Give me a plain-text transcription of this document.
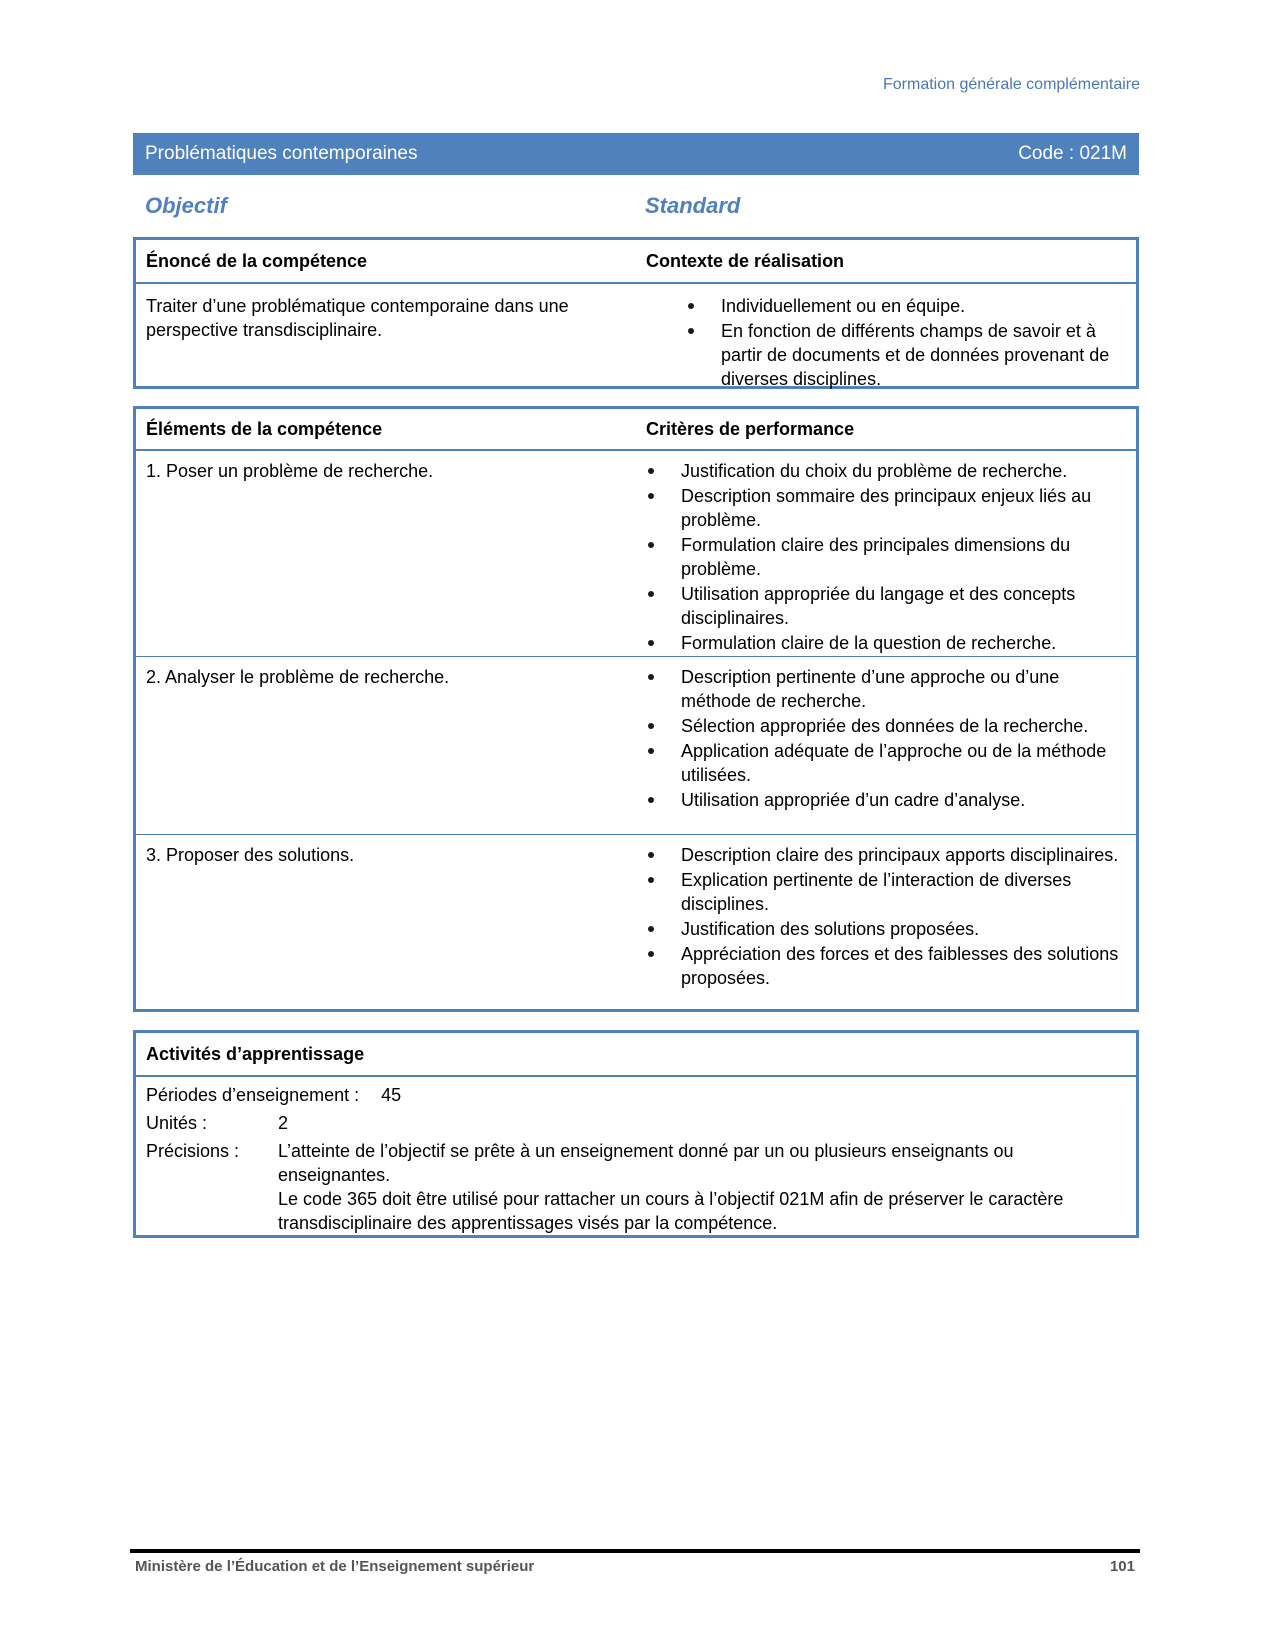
Formation générale complémentaire
Problématiques contemporaines	Code : 021M
Objectif	Standard
Énoncé de la compétence	Contexte de réalisation
Traiter d’une problématique contemporaine dans une perspective transdisciplinaire.
Individuellement ou en équipe.
En fonction de différents champs de savoir et à partir de documents et de données provenant de diverses disciplines.
Éléments de la compétence	Critères de performance
1. Poser un problème de recherche.	Justification du choix du problème de recherche.
Description sommaire des principaux enjeux liés au problème.
Formulation claire des principales dimensions du problème.
Utilisation appropriée du langage et des concepts disciplinaires.
Formulation claire de la question de recherche.
2. Analyser le problème de recherche.	Description pertinente d’une approche ou d’une méthode de recherche.
Sélection appropriée des données de la recherche.
Application adéquate de l’approche ou de la méthode utilisées.
Utilisation appropriée d’un cadre d’analyse.
3. Proposer des solutions.	Description claire des principaux apports disciplinaires.
Explication pertinente de l’interaction de diverses disciplines.
Justification des solutions proposées.
Appréciation des forces et des faiblesses des solutions proposées.
Activités d’apprentissage
Périodes d’enseignement : 45
Unités :	2
Précisions :	L’atteinte de l’objectif se prête à un enseignement donné par un ou plusieurs enseignants ou enseignantes.
Le code 365 doit être utilisé pour rattacher un cours à l’objectif 021M afin de préserver le caractère transdisciplinaire des apprentissages visés par la compétence.
Ministère de l’Éducation et de l’Enseignement supérieur	101
